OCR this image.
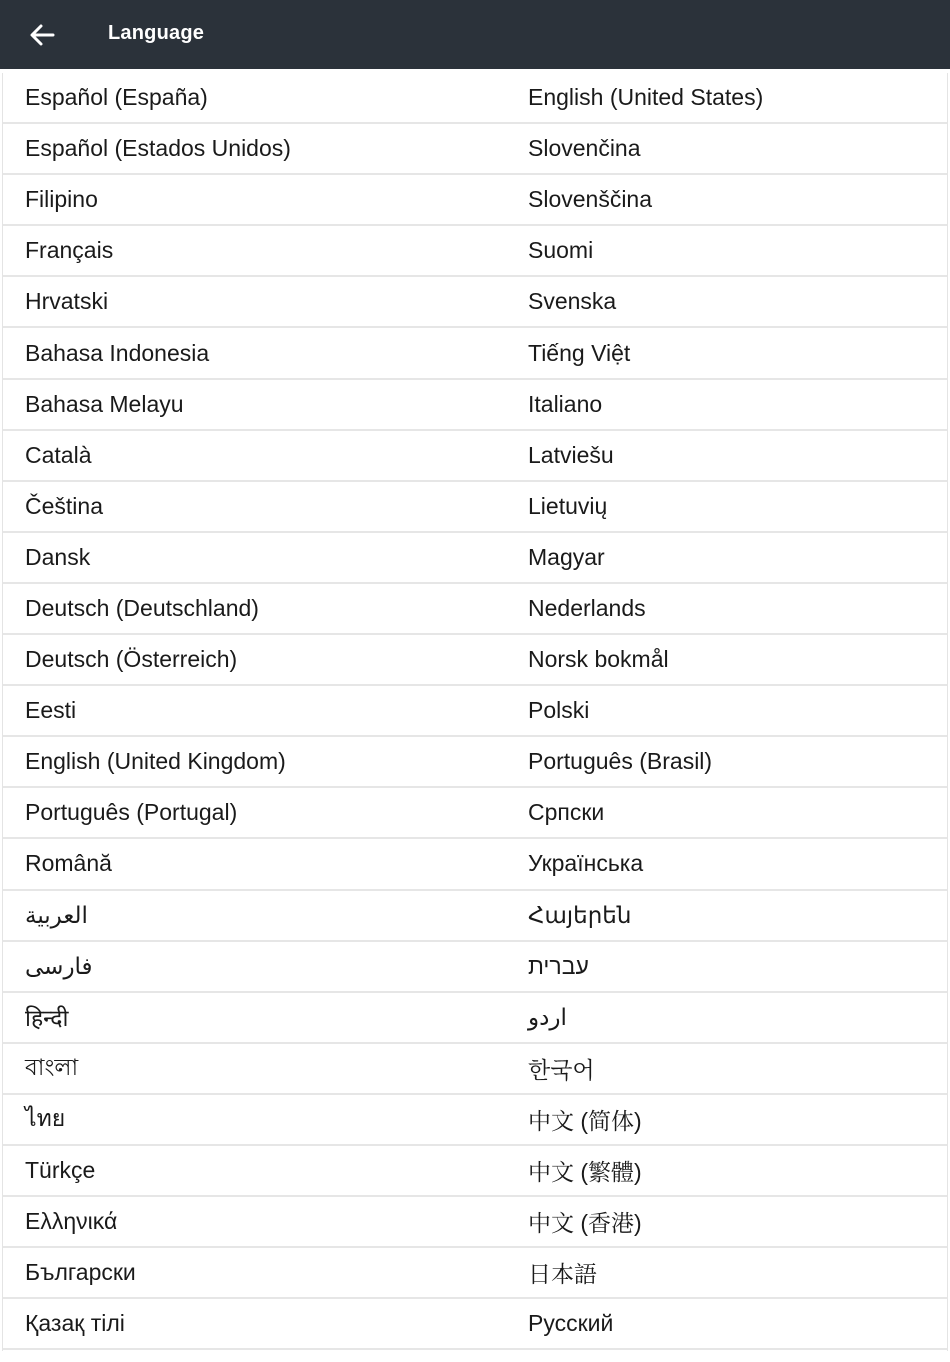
Language
Español (España)	English (United States)
Español (Estados Unidos)	Slovenčina
Filipino	Slovenščina
Français	Suomi
Hrvatski	Svenska
Bahasa Indonesia	Tiếng Việt
Bahasa Melayu	Italiano
Català	Latviešu
Čeština	Lietuvių
Dansk	Magyar
Deutsch (Deutschland)	Nederlands
Deutsch (Österreich)	Norsk bokmål
Eesti	Polski
English (United Kingdom)	Português (Brasil)
Português (Portugal)	Српски
Română	Українська
العربية	Հայերեն
فارسی	עברית
हिन्दी	اردو
বাংলা	한국어
ไทย	中文 (简体)
Türkçe	中文 (繁體)
Ελληνικά	中文 (香港)
Български	日本語
Қазақ тілі	Русский
